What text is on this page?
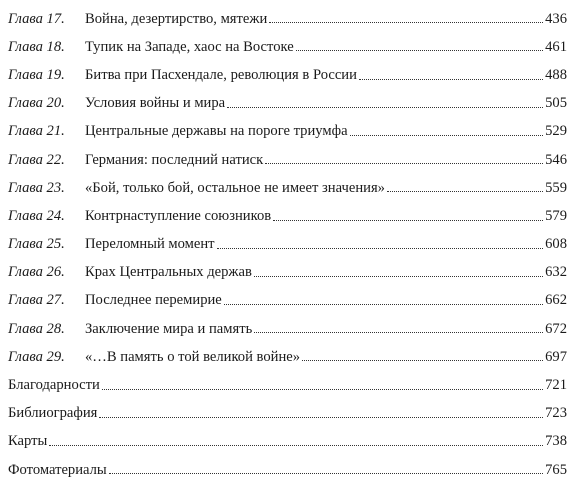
Глава 17. Война, дезертирство, мятежи	436
Глава 18. Тупик на Западе, хаос на Востоке	461
Глава 19. Битва при Пасхендале, революция в России	488
Глава 20. Условия войны и мира	505
Глава 21. Центральные державы на пороге триумфа	529
Глава 22. Германия: последний натиск	546
Глава 23. «Бой, только бой, остальное не имеет значения»	559
Глава 24. Контрнаступление союзников	579
Глава 25. Переломный момент	608
Глава 26. Крах Центральных держав	632
Глава 27. Последнее перемирие	662
Глава 28. Заключение мира и память	672
Глава 29. «…В память о той великой войне»	697
Благодарности	721
Библиография	723
Карты	738
Фотоматериалы	765
